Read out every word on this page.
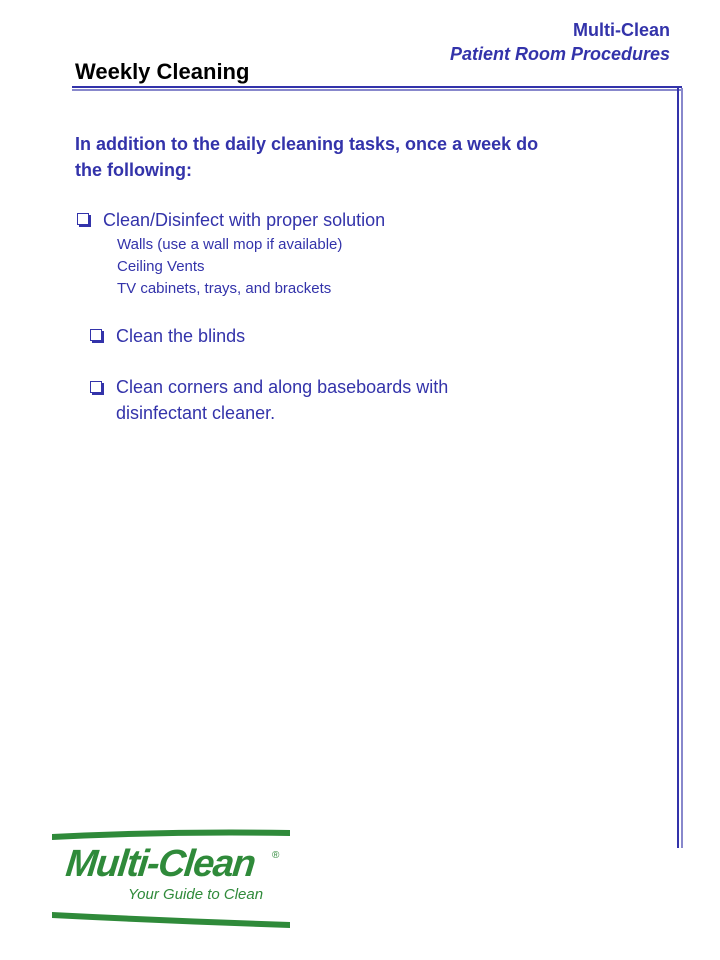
Multi-Clean
Patient Room Procedures
Weekly Cleaning
In addition to the daily cleaning tasks, once a week do the following:
Clean/Disinfect with proper solution
Walls (use a wall mop if available)
Ceiling Vents
TV cabinets, trays, and brackets
Clean the blinds
Clean corners and along baseboards with disinfectant cleaner.
Multi-Clean ®
Your Guide to Clean
